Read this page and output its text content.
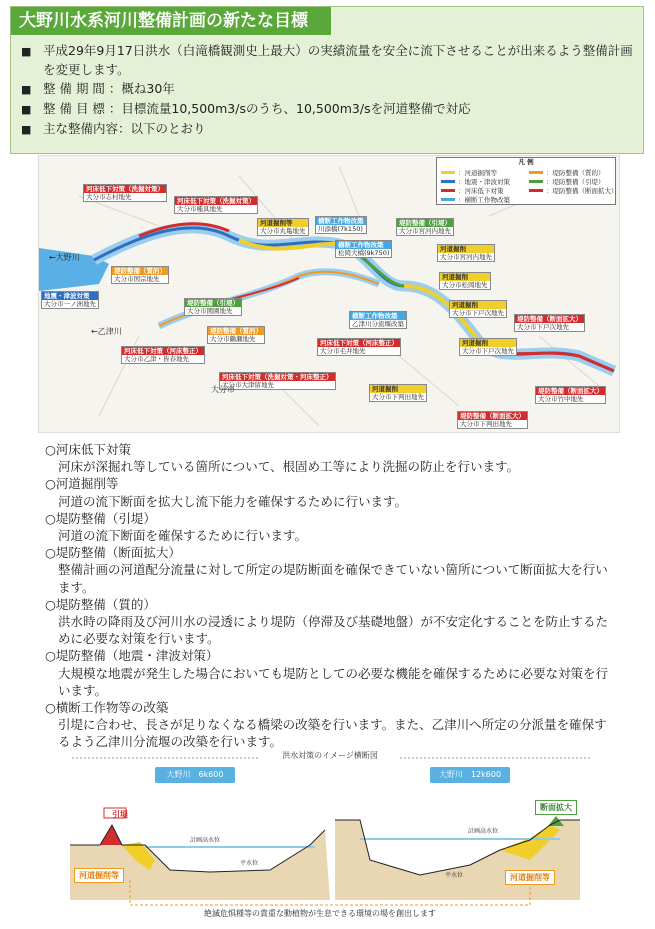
大野川水系河川整備計画の新たな目標
■
平成29年9月17日洪水（白滝橋観測史上最大）の実績流量を安全に流下させることが出来るよう整備計画を変更します。
■
整 備 期 間 ：概ね30年
■
整 備 目 標 ：目標流量10,500m3/sのうち、10,500m3/sを河道整備で対応
■
主な整備内容：以下のとおり
凡 例
：河道掘削等
：地震・津波対策
：河床低下対策
：横断工作物改築
：堤防整備（質的）
：堤防整備（引堤）
：堤防整備（断面拡大）
河床低下対策（洗掘対策）
大分市志村地先	河床低下対策（洗掘対策）
大分市種具地先
河道掘削等
大分市丸亀地先
横断工作物改築
川添橋(7k150)
堤防整備（引堤）
大分市宮河内地先
横断工作物改築
松岡大橋(9k750)	河道掘削
大分市宮河内地先
堤防整備（質的）
大分市国宗地先
地震・津波対策
大分市一ノ洲地先	堤防整備（引堤）
大分市関園地先
河道掘削
大分市松岡地先
横断工作物改築
乙津川分流堰改築
河道掘削
大分市下戸次地先
堤防整備（断面拡大）
大分市下戸次地先
堤防整備（質的）
大分市鶴瀬地先
河床低下対策（河床整正）
大分市乙津・皆春地先
河床低下対策（河床整正）
大分市毛井地先
河道掘削
大分市下戸次地先
河床低下対策（洗掘対策・河床整正）
大分市大津留地先
堤防整備（断面拡大）
大分市竹中地先
河道掘削
大分市下判田地先
堤防整備（断面拡大）
大分市下判田地先
←大野川
←乙津川
大分市
○河床低下対策
河床が深掘れ等している箇所について、根固め工等により洗掘の防止を行います。
○河道掘削等
河道の流下断面を拡大し流下能力を確保するために行います。
○堤防整備（引堤）
河道の流下断面を確保するために行います。
○堤防整備（断面拡大）
整備計画の河道配分流量に対して所定の堤防断面を確保できていない箇所について断面拡大を行います。
○堤防整備（質的）
洪水時の降雨及び河川水の浸透により堤防（停滞及び基礎地盤）が不安定化することを防止するために必要な対策を行います。
○堤防整備（地震・津波対策）
大規模な地震が発生した場合においても堤防としての必要な機能を確保するために必要な対策を行います。
○横断工作物等の改築
引堤に合わせ、長さが足りなくなる橋梁の改築を行います。また、乙津川へ所定の分派量を確保するよう乙津川分流堰の改築を行います。
洪水対策のイメージ横断図
大野川　6k600	大野川　12k600
引堤
断面拡大
河道掘削等	河道掘削等
計画高水位
計画高水位
平水位
平水位
絶滅危惧種等の貴重な動植物が生息できる環境の場を創出します
